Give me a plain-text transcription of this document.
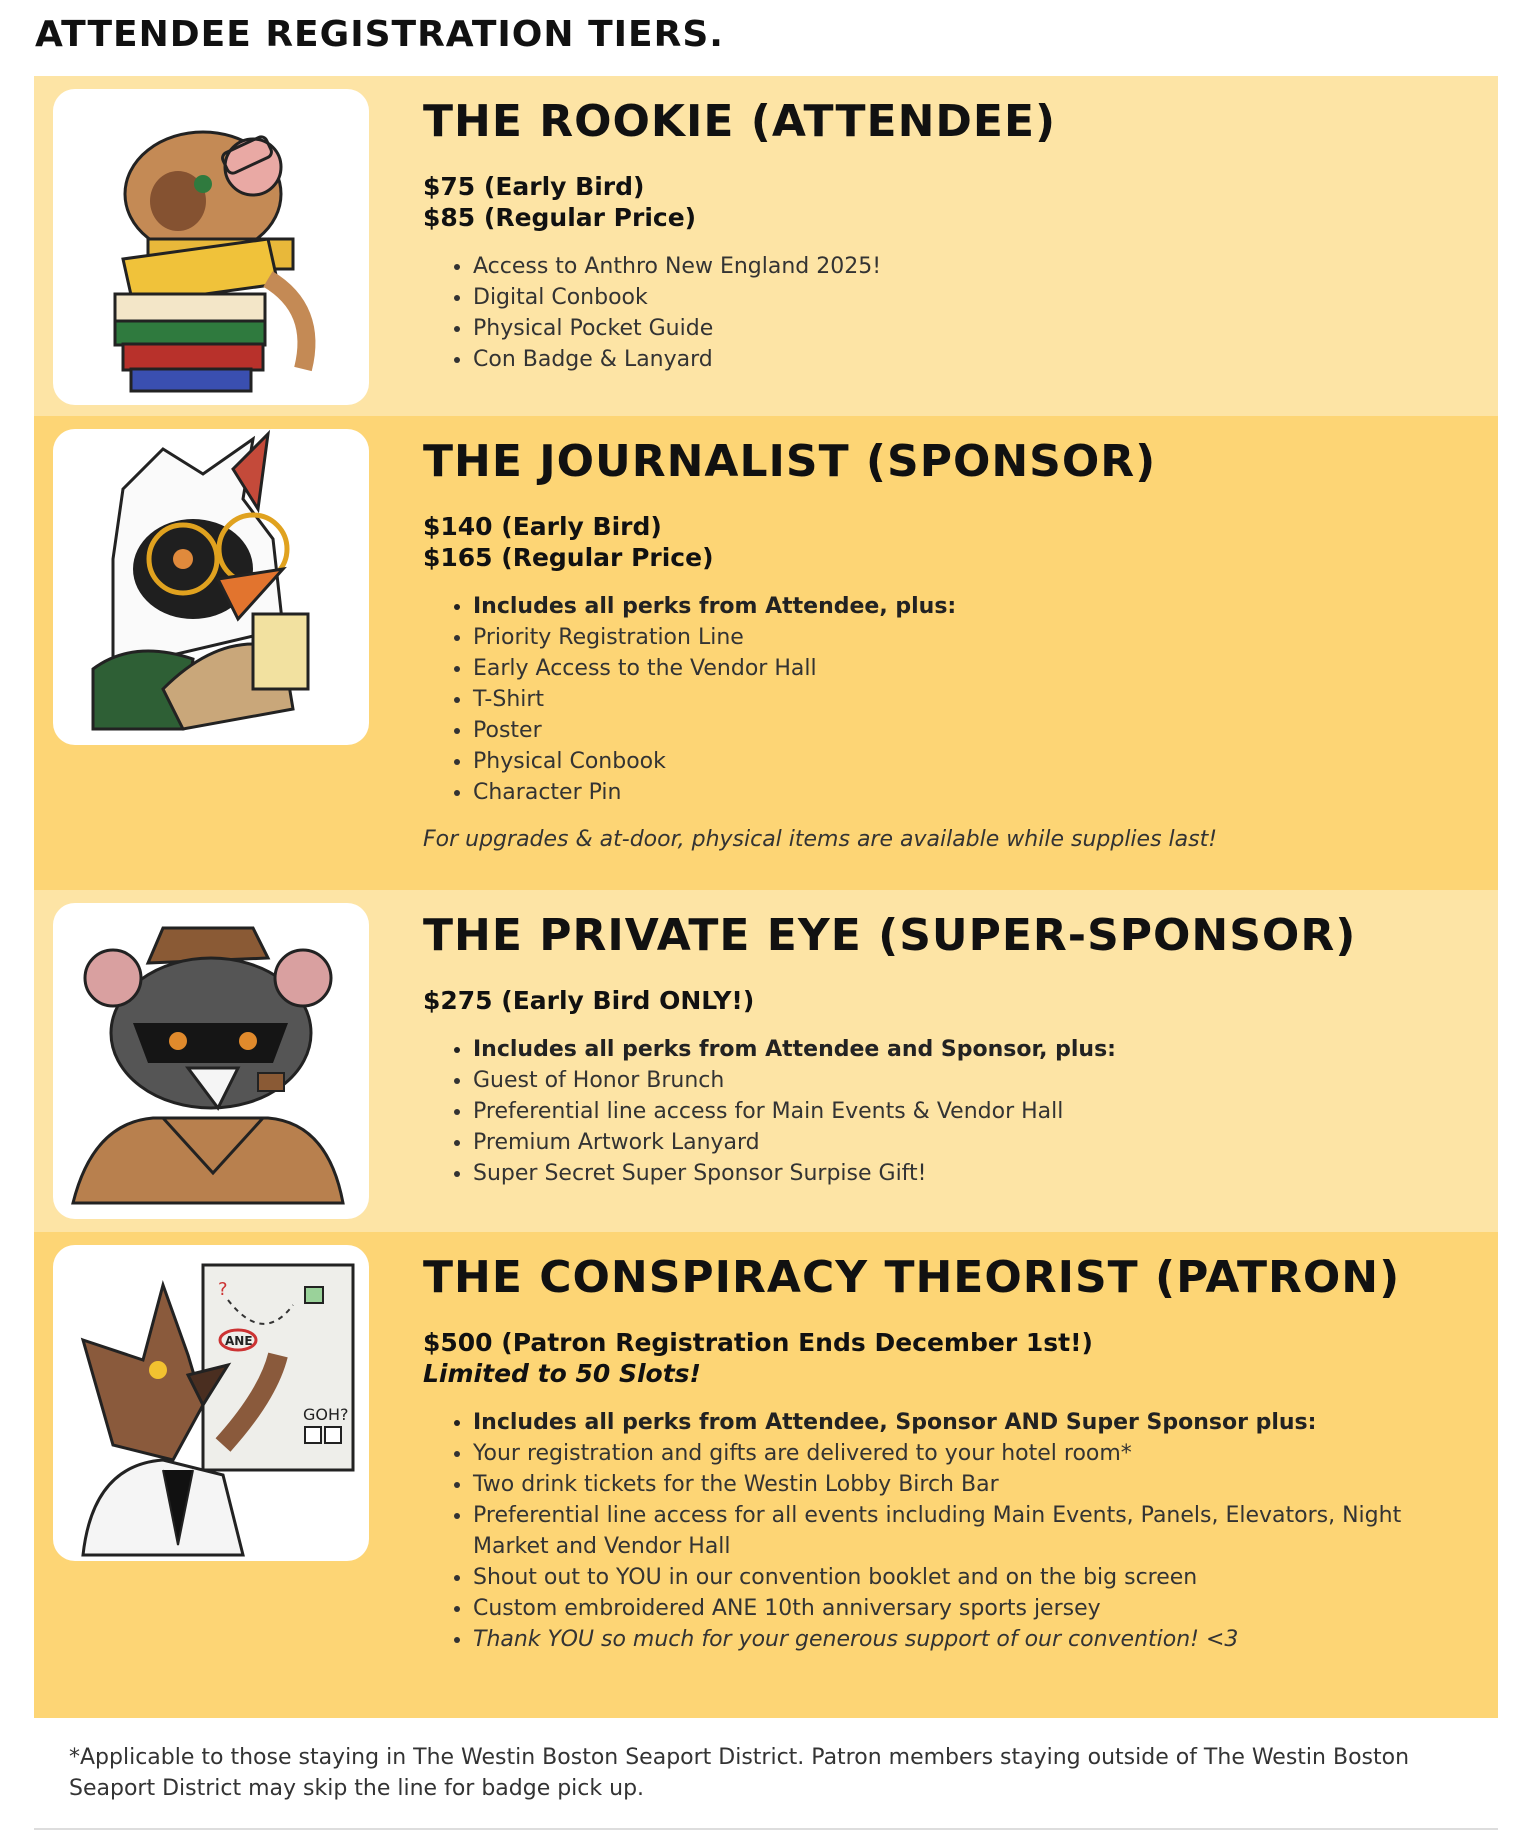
ATTENDEE REGISTRATION TIERS.
THE ROOKIE (ATTENDEE)

$75 (Early Bird)

$85 (Regular Price)

• Access to Anthro New England 2025!
• Digital Conbook
• Physical Pocket Guide
• Con Badge & Lanyard
THE JOURNALIST (SPONSOR)

$140 (Early Bird)

$165 (Regular Price)

• Includes all perks from Attendee, plus:
• Priority Registration Line
• Early Access to the Vendor Hall
• T-Shirt
• Poster
• Physical Conbook
• Character Pin

For upgrades & at-door, physical items are available while supplies last!

THE PRIVATE EYE (SUPER-SPONSOR)

$275 (Early Bird ONLY!)

• Includes all perks from Attendee and Sponsor, plus:
• Guest of Honor Brunch
• Preferential line access for Main Events & Vendor Hall
• Premium Artwork Lanyard
• Super Secret Super Sponsor Surpise Gift!
?
ANE
GOH?
THE CONSPIRACY THEORIST (PATRON)

$500 (Patron Registration Ends December 1st!)

Limited to 50 Slots!

• Includes all perks from Attendee, Sponsor AND Super Sponsor plus:
• Your registration and gifts are delivered to your hotel room*
• Two drink tickets for the Westin Lobby Birch Bar
• Preferential line access for all events including Main Events, Panels, Elevators, Night Market and Vendor Hall
• Shout out to YOU in our convention booklet and on the big screen
• Custom embroidered ANE 10th anniversary sports jersey
• Thank YOU so much for your generous support of our convention! <3

*Applicable to those staying in The Westin Boston Seaport District. Patron members staying outside of The Westin Boston Seaport District may skip the line for badge pick up.
